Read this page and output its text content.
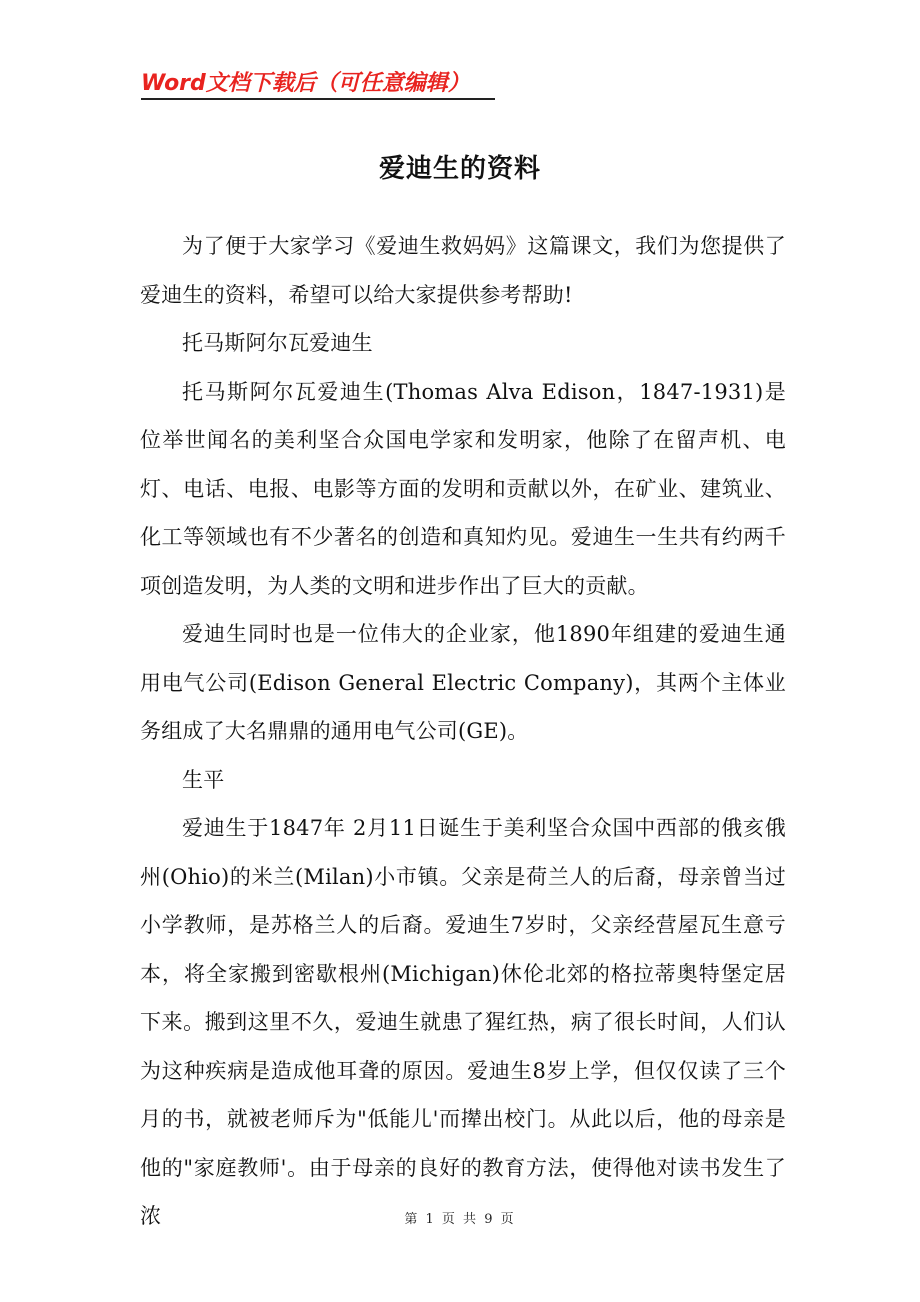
Word文档下载后（可任意编辑）
爱迪生的资料

为了便于大家学习《爱迪生救妈妈》这篇课文，我们为您提供了爱迪生的资料，希望可以给大家提供参考帮助!

托马斯阿尔瓦爱迪生

托马斯阿尔瓦爱迪生(Thomas Alva Edison，1847-1931)是位举世闻名的美利坚合众国电学家和发明家，他除了在留声机、电灯、电话、电报、电影等方面的发明和贡献以外，在矿业、建筑业、化工等领域也有不少著名的创造和真知灼见。爱迪生一生共有约两千项创造发明，为人类的文明和进步作出了巨大的贡献。

爱迪生同时也是一位伟大的企业家，他1890年组建的爱迪生通用电气公司(Edison General Electric Company)，其两个主体业务组成了大名鼎鼎的通用电气公司(GE)。

生平

爱迪生于1847年 2月11日诞生于美利坚合众国中西部的俄亥俄州(Ohio)的米兰(Milan)小市镇。父亲是荷兰人的后裔，母亲曾当过小学教师，是苏格兰人的后裔。爱迪生7岁时，父亲经营屋瓦生意亏本，将全家搬到密歇根州(Michigan)休伦北郊的格拉蒂奥特堡定居下来。搬到这里不久，爱迪生就患了猩红热，病了很长时间，人们认为这种疾病是造成他耳聋的原因。爱迪生8岁上学，但仅仅读了三个月的书，就被老师斥为"低能儿'而撵出校门。从此以后，他的母亲是他的"家庭教师'。由于母亲的良好的教育方法，使得他对读书发生了浓	第 1 页 共 9 页
